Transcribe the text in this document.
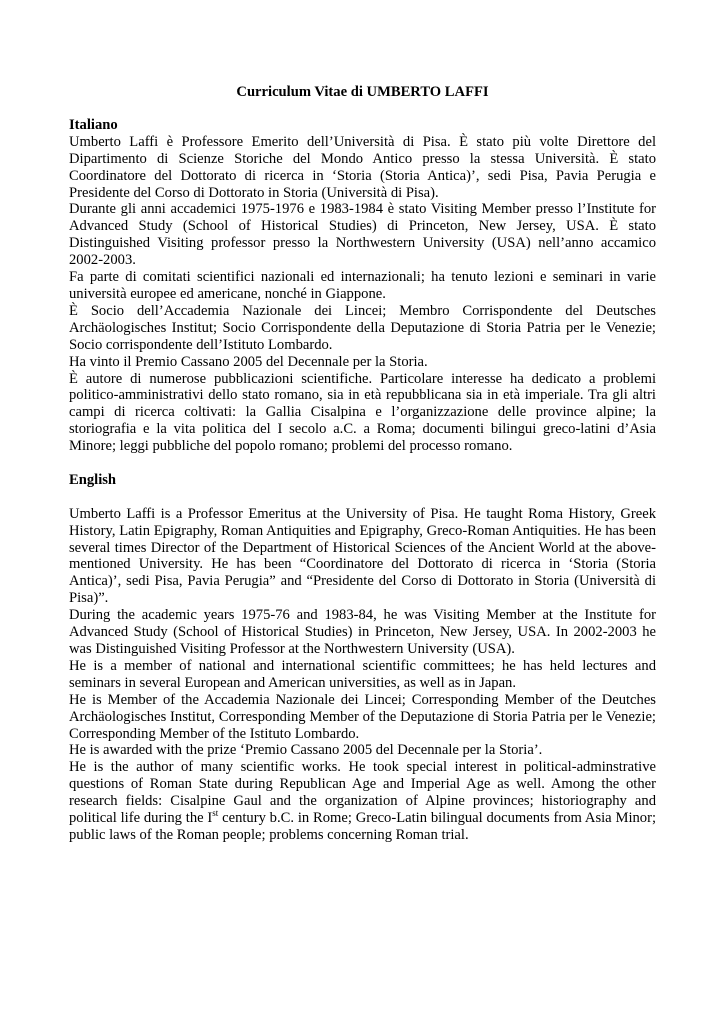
Curriculum Vitae di UMBERTO LAFFI

Italiano

Umberto Laffi è Professore Emerito dell’Università di Pisa. È stato più volte Direttore del Dipartimento di Scienze Storiche del Mondo Antico presso la stessa Università. È stato Coordinatore del Dottorato di ricerca in ‘Storia (Storia Antica)’, sedi Pisa, Pavia Perugia e Presidente del Corso di Dottorato in Storia (Università di Pisa).

Durante gli anni accademici 1975-1976 e 1983-1984 è stato Visiting Member presso l’Institute for Advanced Study (School of Historical Studies) di Princeton, New Jersey, USA. È stato Distinguished Visiting professor presso la Northwestern University (USA) nell’anno accamico 2002-2003.

Fa parte di comitati scientifici nazionali ed internazionali; ha tenuto lezioni e seminari in varie università europee ed americane, nonché in Giappone.

È Socio dell’Accademia Nazionale dei Lincei; Membro Corrispondente del Deutsches Archäologisches Institut; Socio Corrispondente della Deputazione di Storia Patria per le Venezie; Socio corrispondente dell’Istituto Lombardo.

Ha vinto il Premio Cassano 2005 del Decennale per la Storia.

È autore di numerose pubblicazioni scientifiche. Particolare interesse ha dedicato a problemi politico-amministrativi dello stato romano, sia in età repubblicana sia in età imperiale. Tra gli altri campi di ricerca coltivati: la Gallia Cisalpina e l’organizzazione delle province alpine; la storiografia e la vita politica del I secolo a.C. a Roma; documenti bilingui greco-latini d’Asia Minore; leggi pubbliche del popolo romano; problemi del processo romano.

English

Umberto Laffi is a Professor Emeritus at the University of Pisa. He taught Roma History, Greek History, Latin Epigraphy, Roman Antiquities and Epigraphy, Greco-Roman Antiquities. He has been several times Director of the Department of Historical Sciences of the Ancient World at the above-mentioned University. He has been “Coordinatore del Dottorato di ricerca in ‘Storia (Storia Antica)’, sedi Pisa, Pavia Perugia” and “Presidente del Corso di Dottorato in Storia (Università di Pisa)”.

During the academic years 1975-76 and 1983-84, he was Visiting Member at the Institute for Advanced Study (School of Historical Studies) in Princeton, New Jersey, USA. In 2002-2003 he was Distinguished Visiting Professor at the Northwestern University (USA).

He is a member of national and international scientific committees; he has held lectures and seminars in several European and American universities, as well as in Japan.

He is Member of the Accademia Nazionale dei Lincei; Corresponding Member of the Deutches Archäologisches Institut, Corresponding Member of the Deputazione di Storia Patria per le Venezie; Corresponding Member of the Istituto Lombardo.

He is awarded with the prize ‘Premio Cassano 2005 del Decennale per la Storia’.

He is the author of many scientific works. He took special interest in political-adminstrative questions of Roman State during Republican Age and Imperial Age as well. Among the other research fields: Cisalpine Gaul and the organization of Alpine provinces; historiography and political life during the Ist century b.C. in Rome; Greco-Latin bilingual documents from Asia Minor; public laws of the Roman people; problems concerning Roman trial.
